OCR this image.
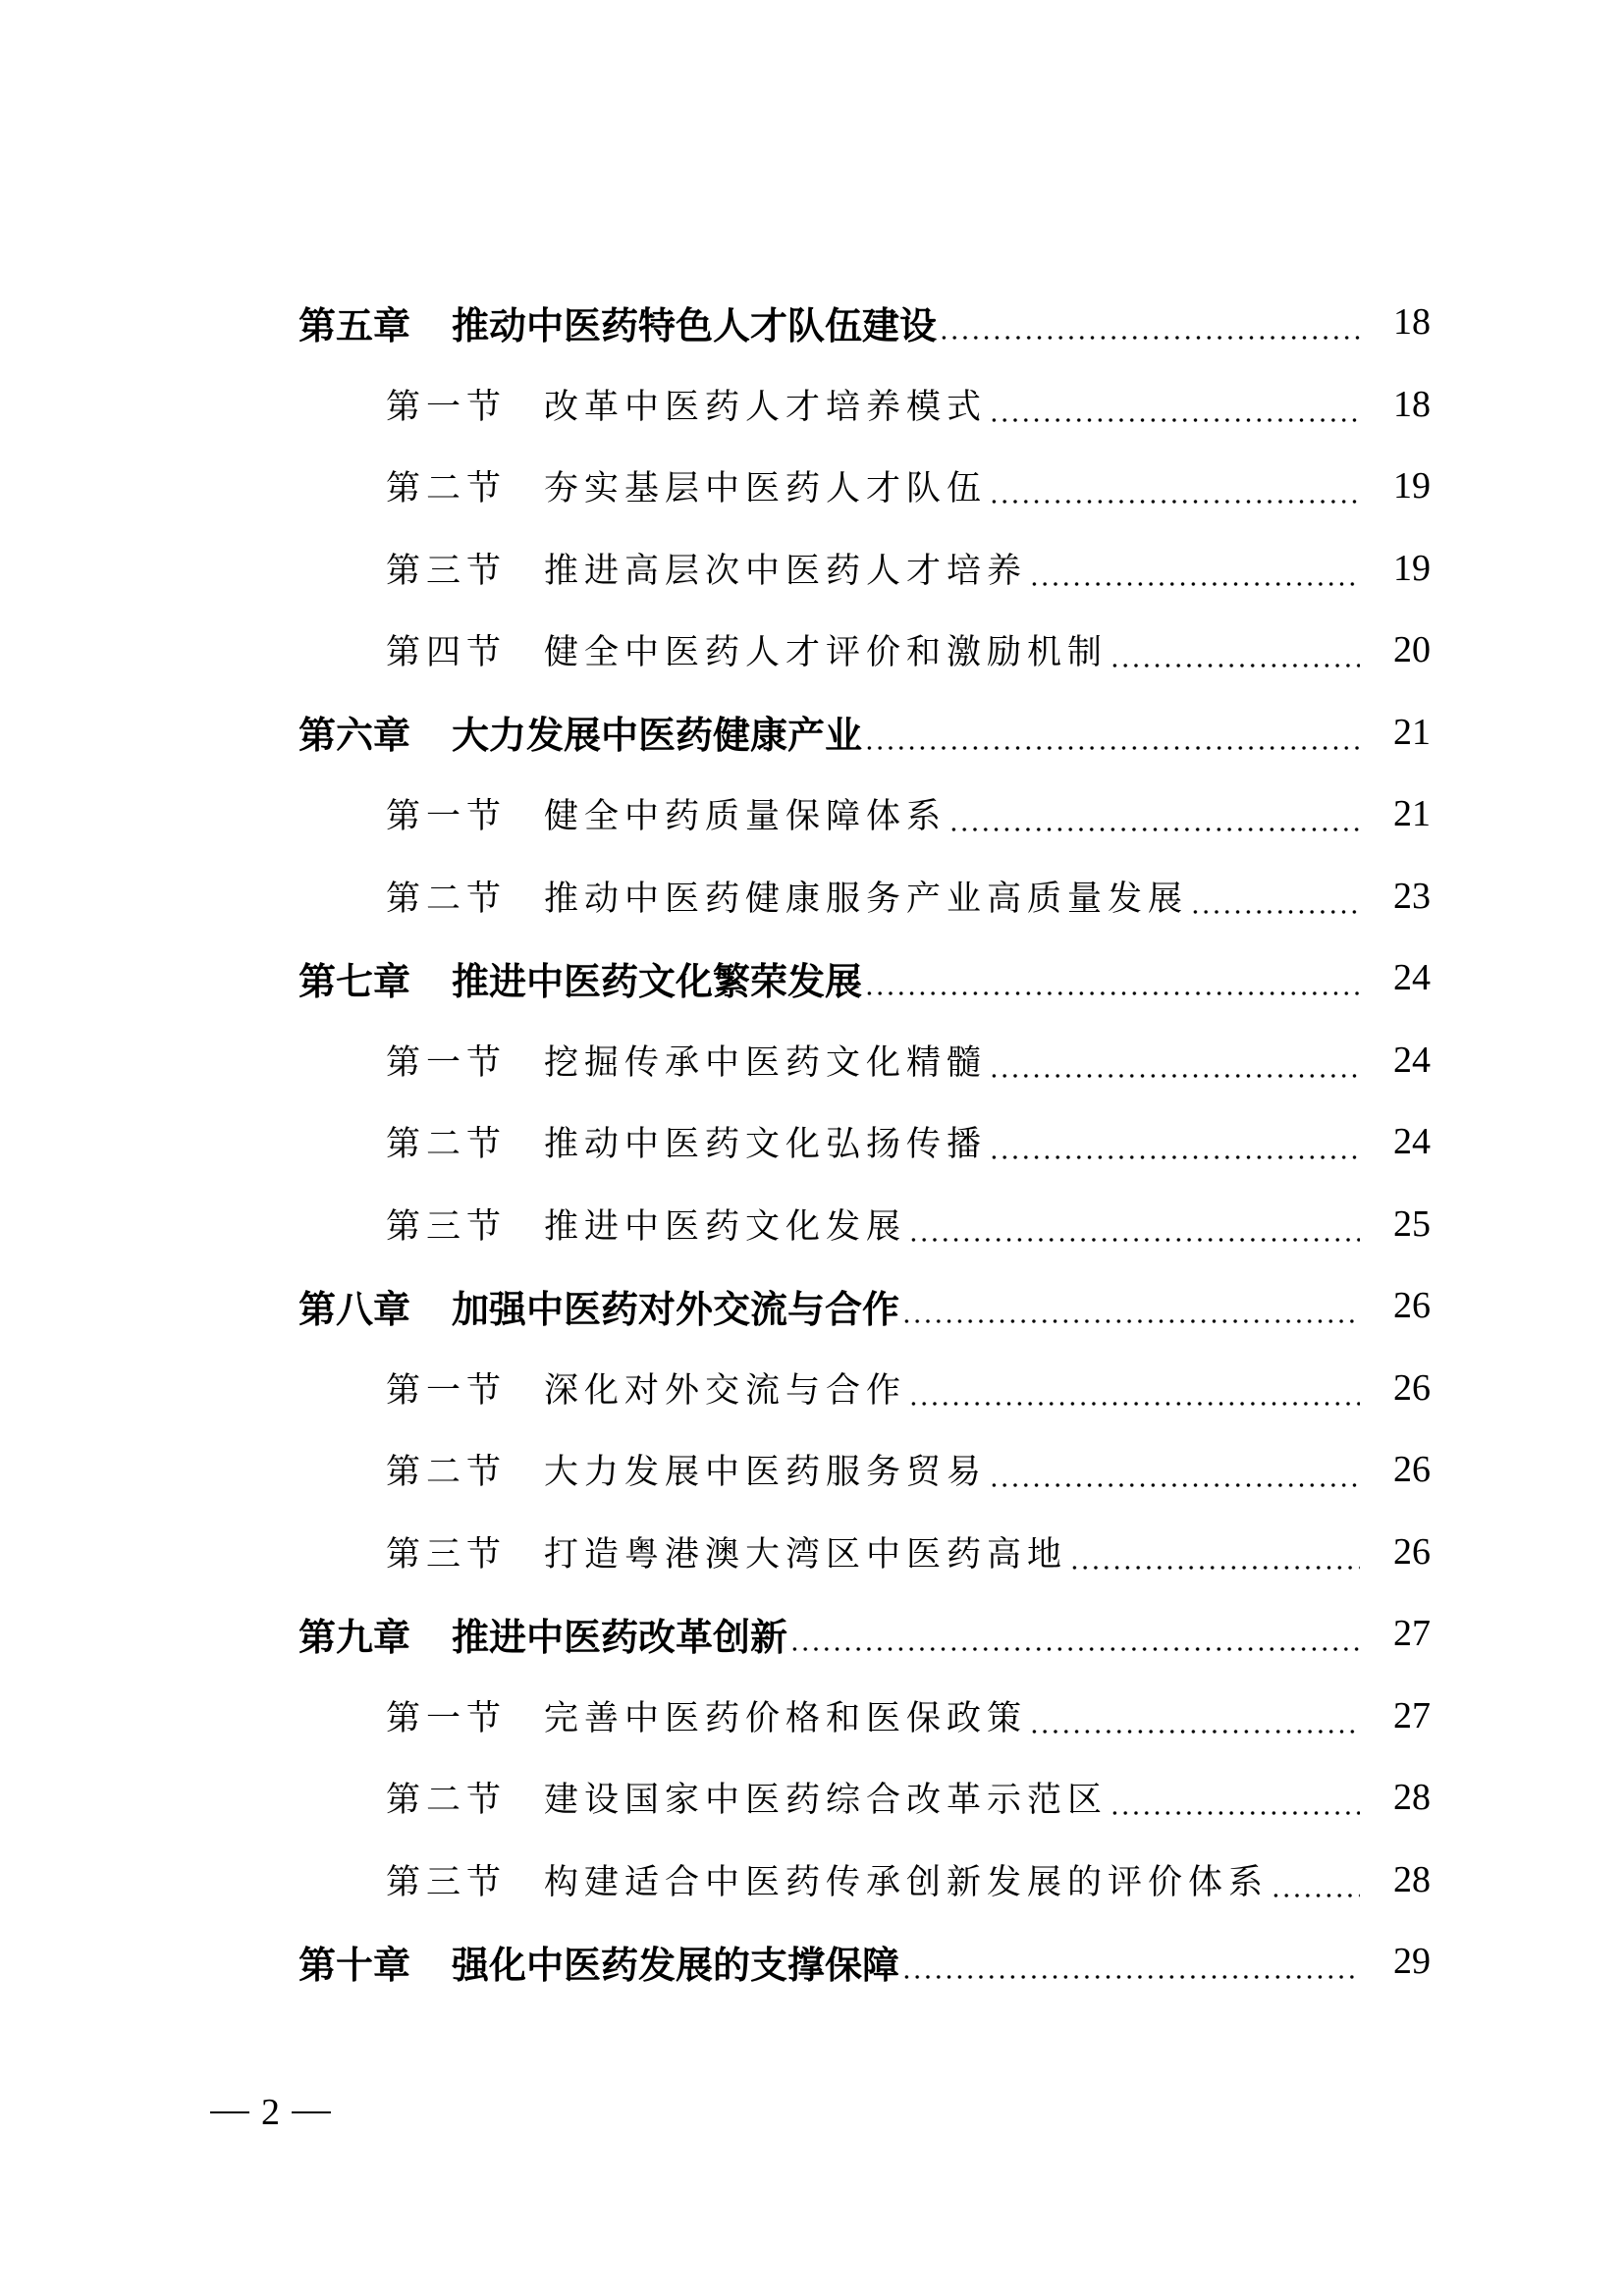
第五章 推动中医药特色人才队伍建设	18
第一节 改革中医药人才培养模式	18
第二节 夯实基层中医药人才队伍	19
第三节 推进高层次中医药人才培养	19
第四节 健全中医药人才评价和激励机制	20
第六章 大力发展中医药健康产业	21
第一节 健全中药质量保障体系	21
第二节 推动中医药健康服务产业高质量发展	23
第七章 推进中医药文化繁荣发展	24
第一节 挖掘传承中医药文化精髓	24
第二节 推动中医药文化弘扬传播	24
第三节 推进中医药文化发展	25
第八章 加强中医药对外交流与合作	26
第一节 深化对外交流与合作	26
第二节 大力发展中医药服务贸易	26
第三节 打造粤港澳大湾区中医药高地	26
第九章 推进中医药改革创新	27
第一节 完善中医药价格和医保政策	27
第二节 建设国家中医药综合改革示范区	28
第三节 构建适合中医药传承创新发展的评价体系	28
第十章 强化中医药发展的支撑保障	29
2
